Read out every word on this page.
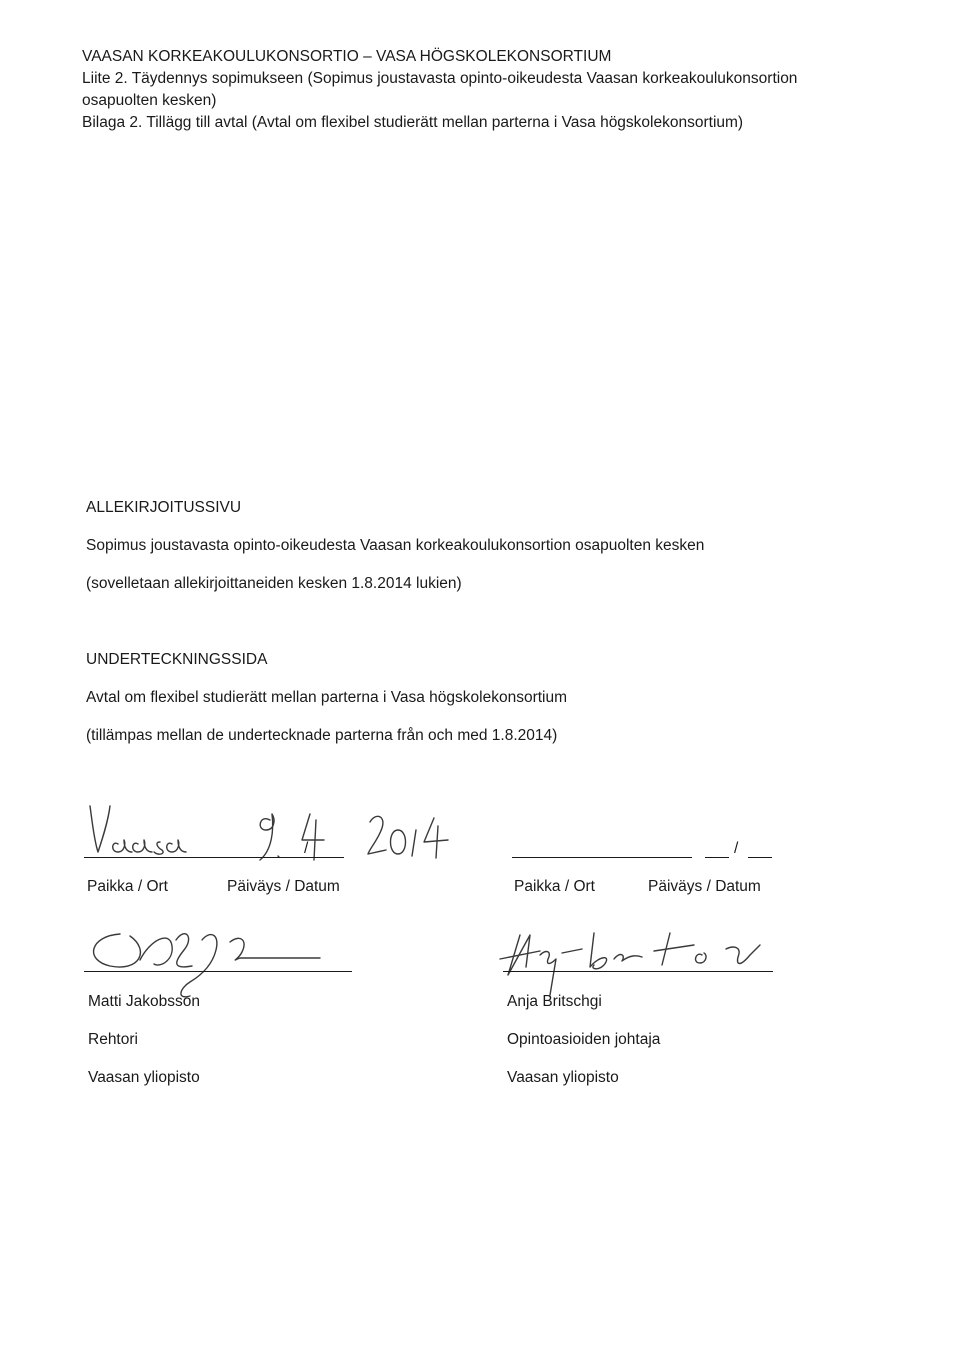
VAASAN KORKEAKOULUKONSORTIO – VASA HÖGSKOLEKONSORTIUM
Liite 2. Täydennys sopimukseen (Sopimus joustavasta opinto-oikeudesta Vaasan korkeakoulukonsortion
osapuolten kesken)
Bilaga 2. Tillägg till avtal (Avtal om flexibel studierätt mellan parterna i Vasa högskolekonsortium)
ALLEKIRJOITUSSIVU
Sopimus joustavasta opinto-oikeudesta Vaasan korkeakoulukonsortion osapuolten kesken
(sovelletaan allekirjoittaneiden kesken 1.8.2014 lukien)
UNDERTECKNINGSSIDA
Avtal om flexibel studierätt mellan parterna i Vasa högskolekonsortium
(tillämpas mellan de undertecknade parterna från och med 1.8.2014)
/	/
Paikka / Ort	Päiväys / Datum	Paikka / Ort	Päiväys / Datum
Matti Jakobsson
Rehtori
Vaasan yliopisto
Anja Britschgi
Opintoasioiden johtaja
Vaasan yliopisto
